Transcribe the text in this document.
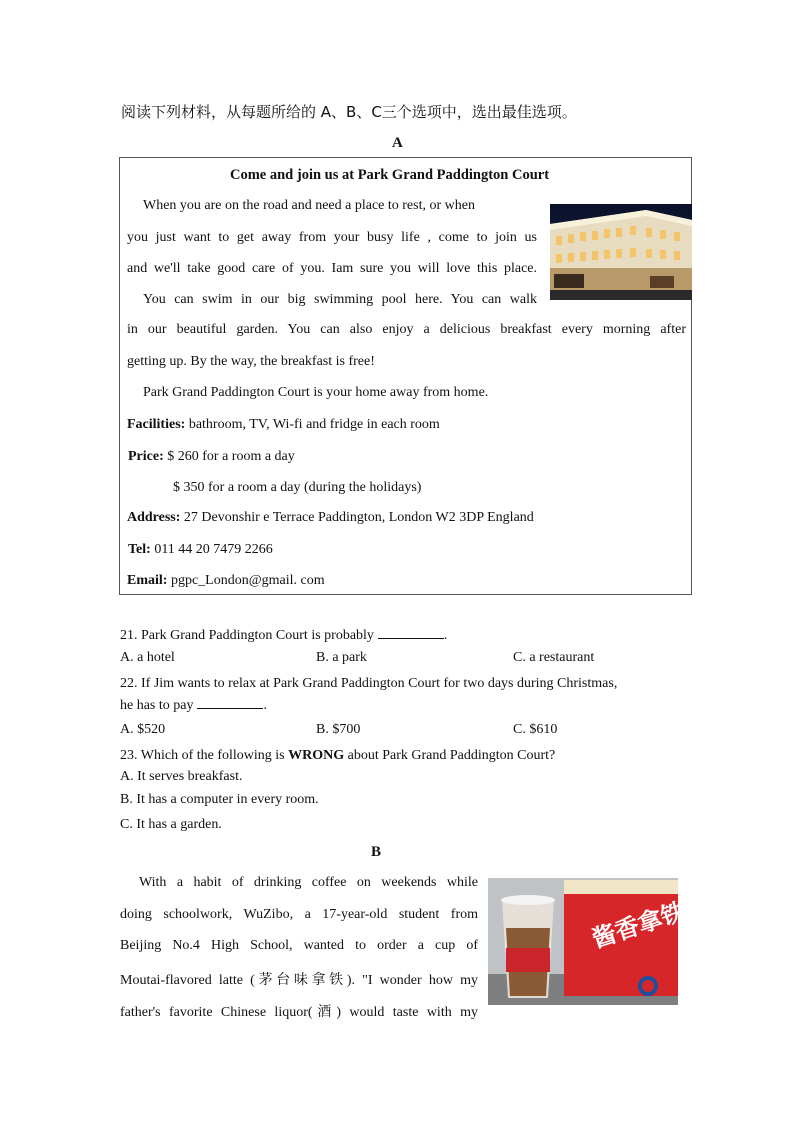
阅读下列材料，从每题所给的 A、B、C三个选项中，选出最佳选项。
A
Come and join us at Park Grand Paddington Court
When you are on the road and need a place to rest, or when
you just want to get away from your busy life , come to join us
and we'll take good care of you. Iam sure you will love this place.
You can swim in our big swimming pool here. You can walk
in our beautiful garden. You can also enjoy a delicious breakfast every morning after
getting up. By the way, the breakfast is free!
Park Grand Paddington Court is your home away from home.
Facilities: bathroom, TV, Wi-fi and fridge in each room
Price: $ 260 for a room a day
$ 350 for a room a day (during the holidays)
Address: 27 Devonshir e Terrace Paddington, London W2 3DP England
Tel: 011 44 20 7479 2266
Email: pgpc_London@gmail. com
21. Park Grand Paddington Court is probably	.
A. a hotel	B. a park	C. a restaurant
22. If Jim wants to relax at Park Grand Paddington Court for two days during Christmas,
he has to pay	.
A. $520	B. $700	C. $610
23. Which of the following is WRONG about Park Grand Paddington Court?
A. It serves breakfast.
B. It has a computer in every room.
C. It has a garden.
B
酱香拿铁
With a habit of drinking coffee on weekends while
doing schoolwork, WuZibo, a 17-year-old student from
Beijing No.4 High School, wanted to order a cup of
Moutai-flavored latte (茅台味拿铁). "I wonder how my
father's favorite Chinese liquor(酒) would taste with my
